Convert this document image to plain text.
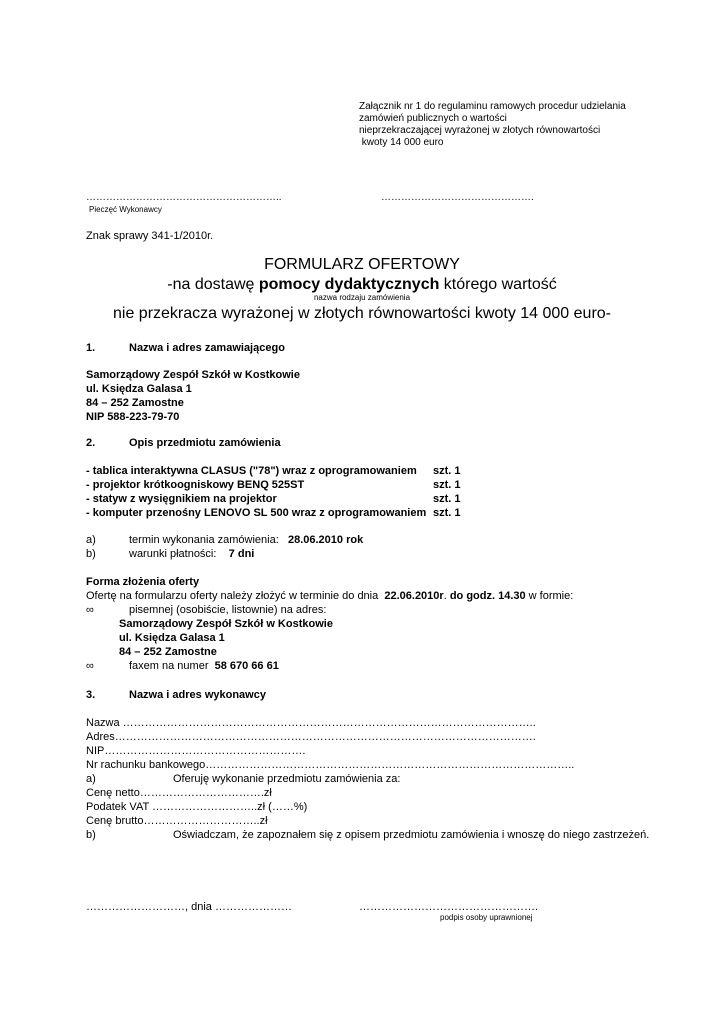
Załącznik nr 1 do regulaminu ramowych procedur udzielania
zamówień publicznych o wartości
nieprzekraczającej wyrażonej w złotych równowartości
kwoty 14 000 euro
…………………………………………………..	……………………………………….
Pieczęć Wykonawcy
Znak sprawy 341-1/2010r.
FORMULARZ OFERTOWY
-na dostawę pomocy dydaktycznych którego wartość
nazwa rodzaju zamówienia
nie przekracza wyrażonej w złotych równowartości kwoty 14 000 euro-
1.	Nazwa i adres zamawiającego
Samorządowy Zespół Szkół w Kostkowie
ul. Księdza Galasa 1
84 – 252 Zamostne
NIP 588-223-79-70
2.	Opis przedmiotu zamówienia
- tablica interaktywna CLASUS ("78") wraz z oprogramowaniem szt. 1
- projektor krótkoogniskowy BENQ 525ST	szt. 1
- statyw z wysięgnikiem na projektor	szt. 1
- komputer przenośny LENOVO SL 500 wraz z oprogramowaniem szt. 1
a)	termin wykonania zamówienia: 28.06.2010 rok
b)	warunki płatności: 7 dni
Forma złożenia oferty
Ofertę na formularzu oferty należy złożyć w terminie do dnia  22.06.2010r. do godz. 14.30 w formie:
∞	pisemnej (osobiście, listownie) na adres:
Samorządowy Zespół Szkół w Kostkowie
ul. Księdza Galasa 1
84 – 252 Zamostne
∞	faxem na numer  58 670 66 61
3.	Nazwa i adres wykonawcy
Nazwa …………………………………………………………………………………………………..
Adres…………………………………………………………………………………………………….
NIP……………………………………………….
Nr rachunku bankowego………………………………………………………………………………………..
a)	Oferuję wykonanie przedmiotu zamówienia za:
Cenę netto…………………………….zł
Podatek VAT ………………………..zł (……%)
Cenę brutto…………………………..zł
b)	Oświadczam, że zapoznałem się z opisem przedmiotu zamówienia i wnoszę do niego zastrzeżeń.
………………………, dnia …………………	………………………………………….
podpis osoby uprawnionej
